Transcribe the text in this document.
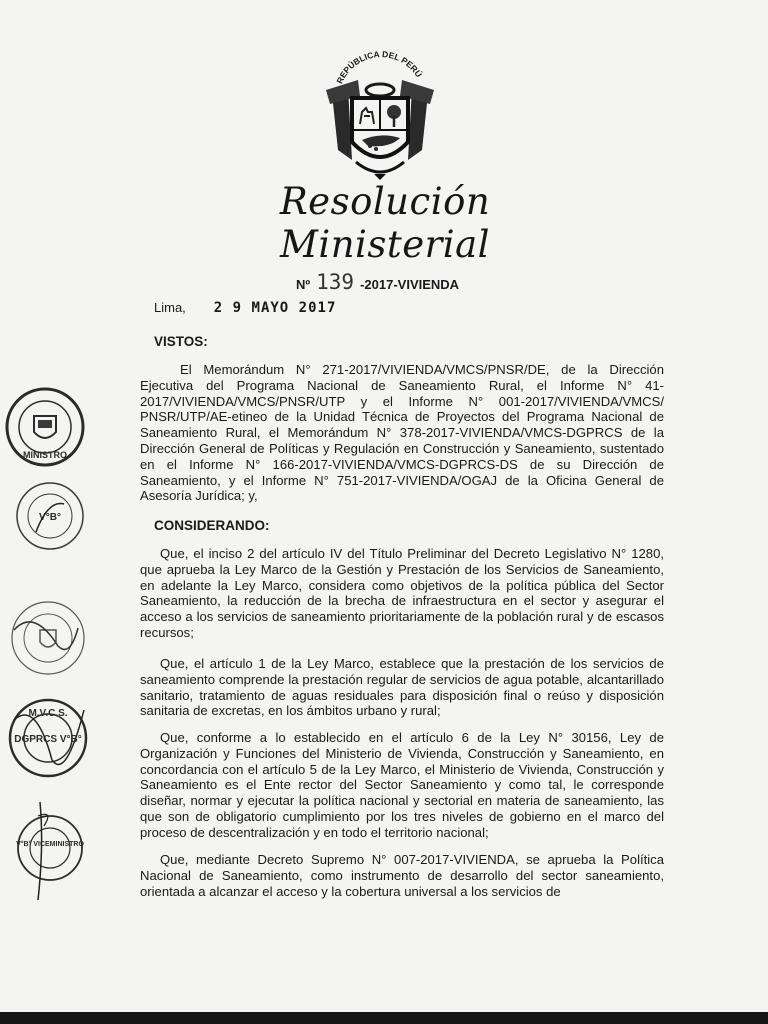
REPÚBLICA DEL PERÚ
Resolución Ministerial
Nº 139 -2017-VIVIENDA
Lima, 2 9 MAYO 2017
VISTOS:
El Memorándum N° 271-2017/VIVIENDA/VMCS/PNSR/DE, de la Dirección Ejecutiva del Programa Nacional de Saneamiento Rural, el Informe N° 41-2017/VIVIENDA/VMCS/PNSR/UTP y el Informe N° 001-2017/VIVIENDA/VMCS/ PNSR/UTP/AE-etineo de la Unidad Técnica de Proyectos del Programa Nacional de Saneamiento Rural, el Memorándum N° 378-2017-VIVIENDA/VMCS-DGPRCS de la Dirección General de Políticas y Regulación en Construcción y Saneamiento, sustentado en el Informe N° 166-2017-VIVIENDA/VMCS-DGPRCS-DS de su Dirección de Saneamiento, y el Informe N° 751-2017-VIVIENDA/OGAJ de la Oficina General de Asesoría Jurídica; y,
CONSIDERANDO:
Que, el inciso 2 del artículo IV del Título Preliminar del Decreto Legislativo N° 1280, que aprueba la Ley Marco de la Gestión y Prestación de los Servicios de Saneamiento, en adelante la Ley Marco, considera como objetivos de la política pública del Sector Saneamiento, la reducción de la brecha de infraestructura en el sector y asegurar el acceso a los servicios de saneamiento prioritariamente de la población rural y de escasos recursos;
Que, el artículo 1 de la Ley Marco, establece que la prestación de los servicios de saneamiento comprende la prestación regular de servicios de agua potable, alcantarillado sanitario, tratamiento de aguas residuales para disposición final o reúso y disposición sanitaria de excretas, en los ámbitos urbano y rural;
Que, conforme a lo establecido en el artículo 6 de la Ley N° 30156, Ley de Organización y Funciones del Ministerio de Vivienda, Construcción y Saneamiento, en concordancia con el artículo 5 de la Ley Marco, el Ministerio de Vivienda, Construcción y Saneamiento es el Ente rector del Sector Saneamiento y como tal, le corresponde diseñar, normar y ejecutar la política nacional y sectorial en materia de saneamiento, las que son de obligatorio cumplimiento por los tres niveles de gobierno en el marco del proceso de descentralización y en todo el territorio nacional;
Que, mediante Decreto Supremo N° 007-2017-VIVIENDA, se aprueba la Política Nacional de Saneamiento, como instrumento de desarrollo del sector saneamiento, orientada a alcanzar el acceso y la cobertura universal a los servicios de
MINISTRO
V°B°
M.V.C.S.
DGPRCS V°B°
V°B° VICEMINISTRO
